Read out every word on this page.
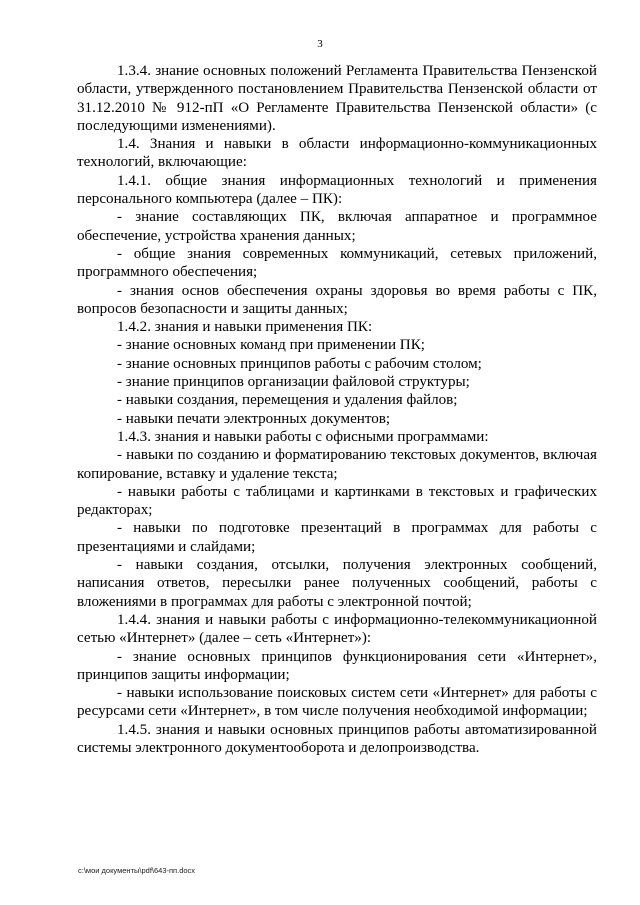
3

1.3.4. знание основных положений Регламента Правительства Пензенской области, утвержденного постановлением Правительства Пензенской области от 31.12.2010 № 912-пП «О Регламенте Правительства Пензенской области» (с последующими изменениями).

1.4. Знания и навыки в области информационно-коммуникационных технологий, включающие:

1.4.1. общие знания информационных технологий и применения персонального компьютера (далее – ПК):

- знание составляющих ПК, включая аппаратное и программное обеспечение, устройства хранения данных;

- общие знания современных коммуникаций, сетевых приложений, программного обеспечения;

- знания основ обеспечения охраны здоровья во время работы с ПК, вопросов безопасности и защиты данных;

1.4.2. знания и навыки применения ПК:

- знание основных команд при применении ПК;

- знание основных принципов работы с рабочим столом;

- знание принципов организации файловой структуры;

- навыки создания, перемещения и удаления файлов;

- навыки печати электронных документов;

1.4.3. знания и навыки работы с офисными программами:

- навыки по созданию и форматированию текстовых документов, включая копирование, вставку и удаление текста;

- навыки работы с таблицами и картинками в текстовых и графических редакторах;

- навыки по подготовке презентаций в программах для работы с презентациями и слайдами;

- навыки создания, отсылки, получения электронных сообщений, написания ответов, пересылки ранее полученных сообщений, работы с вложениями в программах для работы с электронной почтой;

1.4.4. знания и навыки работы с информационно-телекоммуникационной сетью «Интернет» (далее – сеть «Интернет»):

- знание основных принципов функционирования сети «Интернет», принципов защиты информации;

- навыки использование поисковых систем сети «Интернет» для работы с ресурсами сети «Интернет», в том числе получения необходимой информации;

1.4.5. знания и навыки основных принципов работы автоматизированной системы электронного документооборота и делопроизводства.

c:\мои документы\pdf\643-пп.docx
